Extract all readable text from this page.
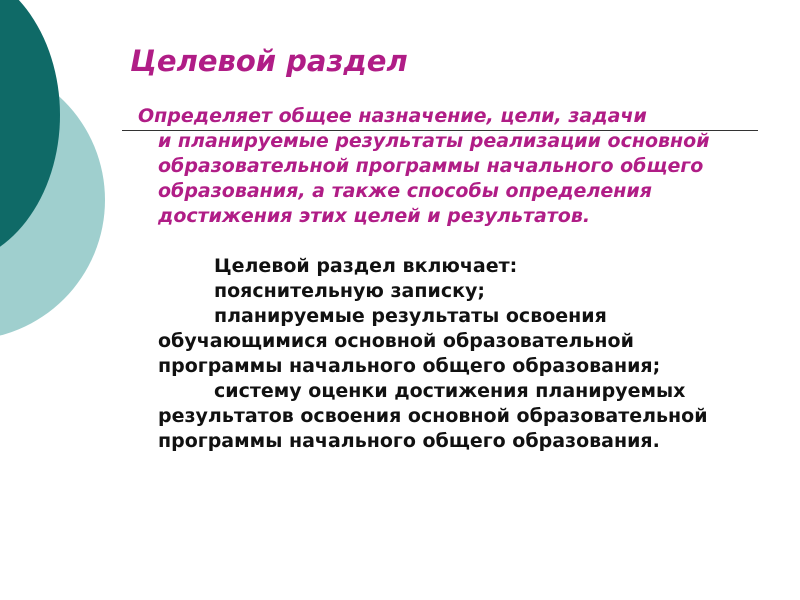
Целевой раздел

Определяет общее назначение, цели, задачи
и планируемые результаты реализации основной образовательной программы начального общего образования, а также способы определения достижения этих целей и результатов.

Целевой раздел включает:

пояснительную записку;

планируемые результаты освоения обучающимися основной образовательной программы начального общего образования;

систему оценки достижения планируемых результатов освоения основной образовательной программы начального общего образования.
